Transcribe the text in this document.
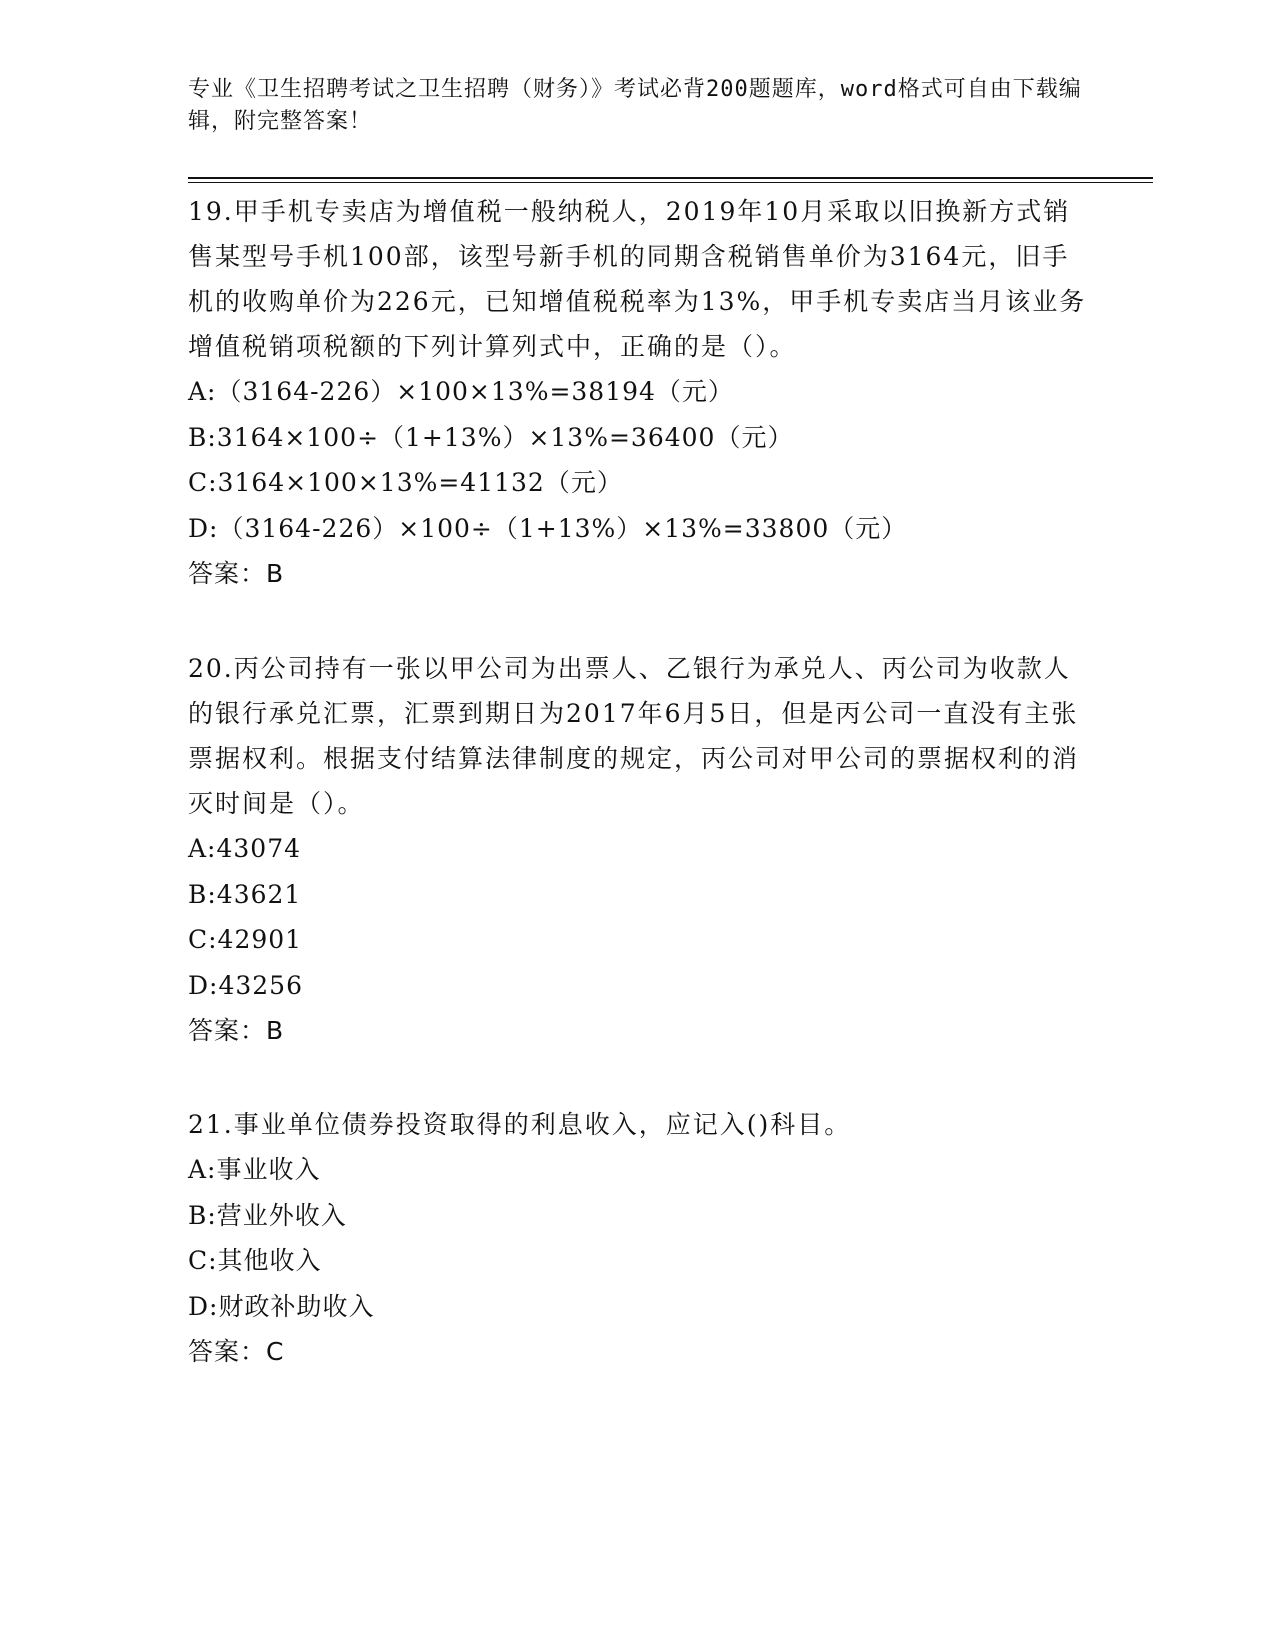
专业《卫生招聘考试之卫生招聘（财务）》考试必背200题题库，word格式可自由下载编辑，附完整答案！

19.甲手机专卖店为增值税一般纳税人，2019年10月采取以旧换新方式销售某型号手机100部，该型号新手机的同期含税销售单价为3164元，旧手机的收购单价为226元，已知增值税税率为13%，甲手机专卖店当月该业务增值税销项税额的下列计算列式中，正确的是（）。

A:（3164-226）×100×13%=38194（元）

B:3164×100÷（1+13%）×13%=36400（元）

C:3164×100×13%=41132（元）

D:（3164-226）×100÷（1+13%）×13%=33800（元）

答案：B

20.丙公司持有一张以甲公司为出票人、乙银行为承兑人、丙公司为收款人的银行承兑汇票，汇票到期日为2017年6月5日，但是丙公司一直没有主张票据权利。根据支付结算法律制度的规定，丙公司对甲公司的票据权利的消灭时间是（）。

A:43074

B:43621

C:42901

D:43256

答案：B

21.事业单位债券投资取得的利息收入，应记入()科目。

A:事业收入

B:营业外收入

C:其他收入

D:财政补助收入

答案：C
